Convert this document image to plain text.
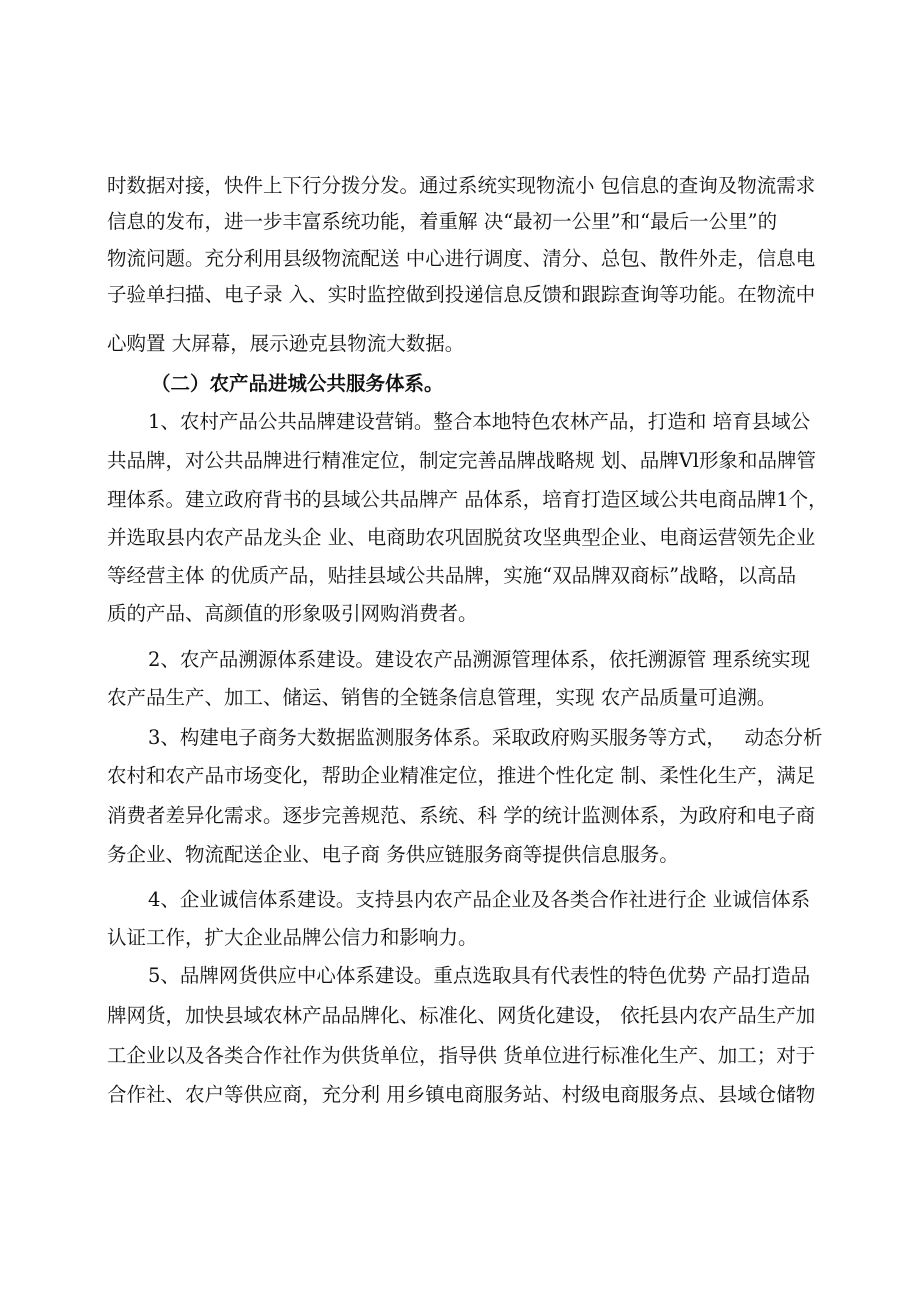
时数据对接，快件上下行分拨分发。通过系统实现物流小 包信息的查询及物流需求
信息的发布，进一步丰富系统功能，着重解 决“最初一公里”和“最后一公里”的
物流问题。充分利用县级物流配送 中心进行调度、清分、总包、散件外走，信息电
子验单扫描、电子录 入、实时监控做到投递信息反馈和跟踪查询等功能。在物流中
心购置 大屏幕，展示逊克县物流大数据。
（二）农产品进城公共服务体系。
1、农村产品公共品牌建设营销。整合本地特色农林产品，打造和 培育县域公
共品牌，对公共品牌进行精准定位，制定完善品牌战略规 划、品牌Vl形象和品牌管
理体系。建立政府背书的县域公共品牌产 品体系，培育打造区域公共电商品牌1个，
并选取县内农产品龙头企 业、电商助农巩固脱贫攻坚典型企业、电商运营领先企业
等经营主体 的优质产品，贴挂县域公共品牌，实施“双品牌双商标”战略，以高品
质的产品、高颜值的形象吸引网购消费者。
2、农产品溯源体系建设。建设农产品溯源管理体系，依托溯源管 理系统实现
农产品生产、加工、储运、销售的全链条信息管理，实现 农产品质量可追溯。
3、构建电子商务大数据监测服务体系。采取政府购买服务等方式，   动态分析
农村和农产品市场变化，帮助企业精准定位，推进个性化定 制、柔性化生产，满足
消费者差异化需求。逐步完善规范、系统、科 学的统计监测体系，为政府和电子商
务企业、物流配送企业、电子商 务供应链服务商等提供信息服务。
4、企业诚信体系建设。支持县内农产品企业及各类合作社进行企 业诚信体系
认证工作，扩大企业品牌公信力和影响力。
5、品牌网货供应中心体系建设。重点选取具有代表性的特色优势 产品打造品
牌网货，加快县域农林产品品牌化、标准化、网货化建设， 依托县内农产品生产加
工企业以及各类合作社作为供货单位，指导供 货单位进行标准化生产、加工；对于
合作社、农户等供应商，充分利 用乡镇电商服务站、村级电商服务点、县域仓储物
